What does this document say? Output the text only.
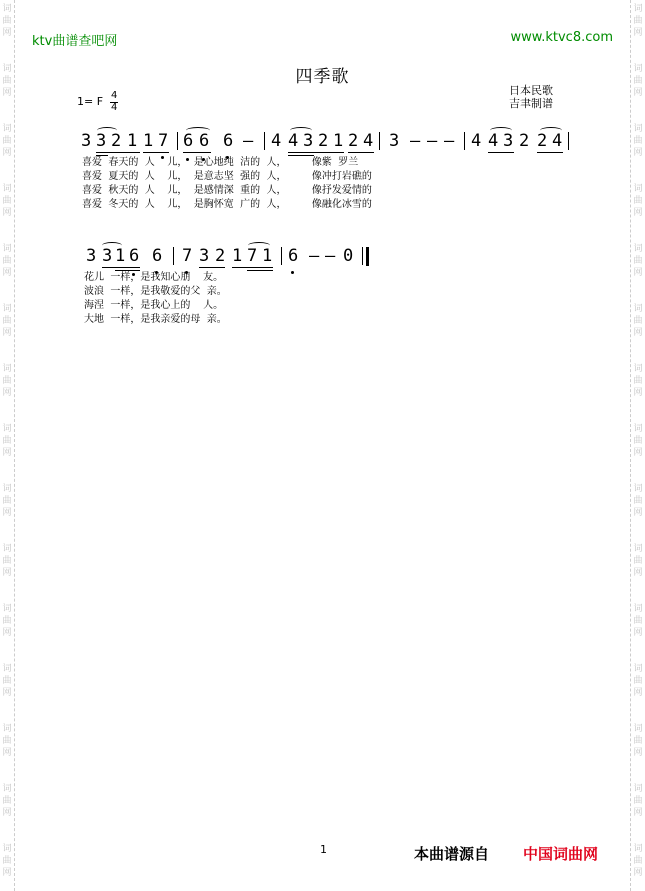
词
曲
网
词
曲
网
词
曲
网
词
曲
网
词
曲
网
词
曲
网
词
曲
网
词
曲
网
词
曲
网
词
曲
网
词
曲
网
词
曲
网
词
曲
网
词
曲
网
词
曲
网
词
曲
网
词
曲
网
词
曲
网
词
曲
网
词
曲
网
词
曲
网
词
曲
网
词
曲
网
词
曲
网
词
曲
网
词
曲
网
词
曲
网
词
曲
网
词
曲
网
词
曲
网
ktv曲谱查吧网	www.ktvc8.com
四季歌
日本民歌
吉聿制谱
1= F 4
4
3 3 2 1 1 7 6 6 6 — 4 4 3 2 1 2 4 3 — — — 4 4 3 2 2 4
喜爱  春天的  人    儿，  是心地纯  洁的  人，        像紫  罗兰
喜爱  夏天的  人    儿，  是意志坚  强的  人，        像冲打岩礁的
喜爱  秋天的  人    儿，  是感情深  重的  人，        像抒发爱情的
喜爱  冬天的  人    儿，  是胸怀宽  广的  人，        像融化冰雪的
3 3 1 6 6 7 3 2 1 7 1 6 — — 0
花儿  一样，是我知心朋    友。
波浪  一样，是我敬爱的父  亲。
海涅  一样，是我心上的    人。
大地  一样，是我亲爱的母  亲。
1	本曲谱源自 中国词曲网
